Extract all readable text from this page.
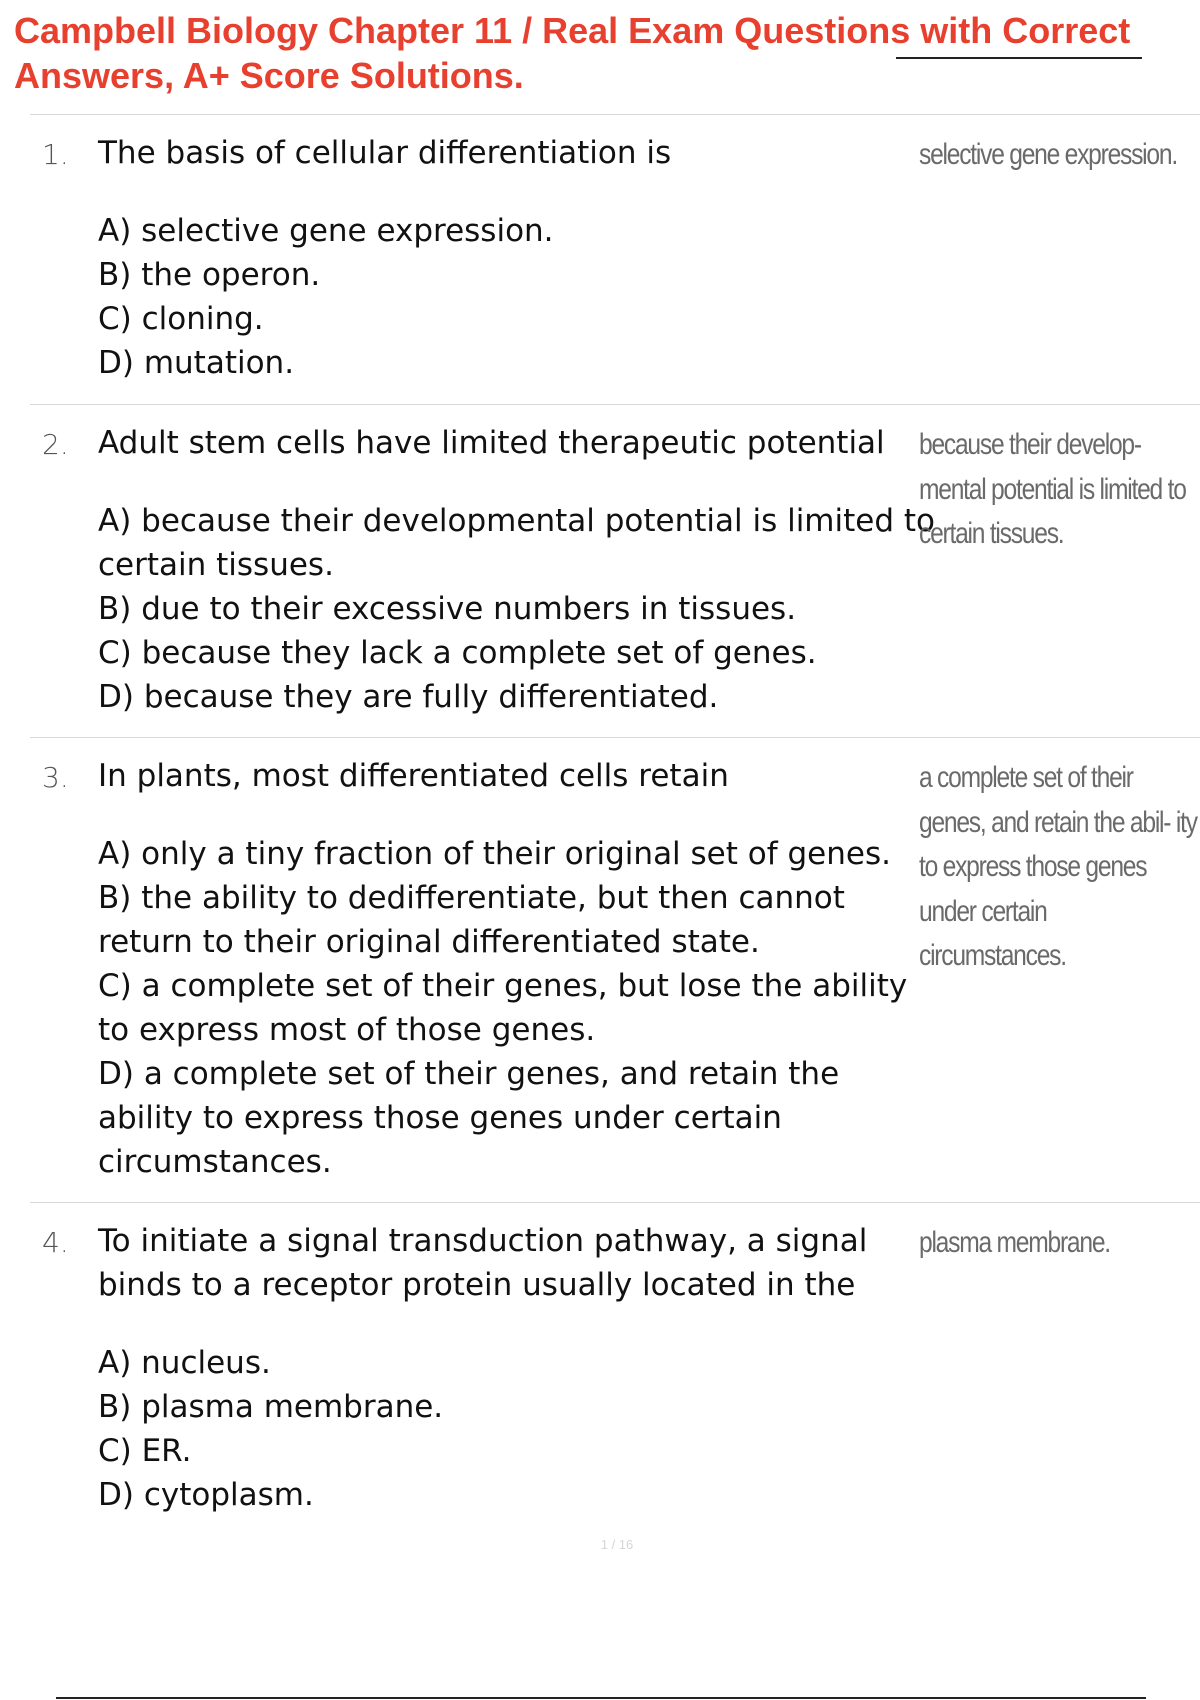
Campbell Biology Chapter 11 / Real Exam Questions with Correct Answers, A+ Score Solutions.
1. The basis of cellular differentiation is

A) selective gene expression.
B) the operon.
C) cloning.
D) mutation.
selective gene expression.
2. Adult stem cells have limited therapeutic potential

A) because their developmental potential is limited to certain tissues.
B) due to their excessive numbers in tissues.
C) because they lack a complete set of genes.
D) because they are fully differentiated.
because their develop- mental potential is limited to certain tissues.
3. In plants, most differentiated cells retain

A) only a tiny fraction of their original set of genes.
B) the ability to dedifferentiate, but then cannot return to their original differentiated state.
C) a complete set of their genes, but lose the ability to express most of those genes.
D) a complete set of their genes, and retain the ability to express those genes under certain circumstances.
a complete set of their genes, and retain the abil- ity to express those genes under certain circumstances.
4. To initiate a signal transduction pathway, a signal binds to a receptor protein usually located in the

A) nucleus.
B) plasma membrane.
C) ER.
D) cytoplasm.
plasma membrane.
1 / 16
